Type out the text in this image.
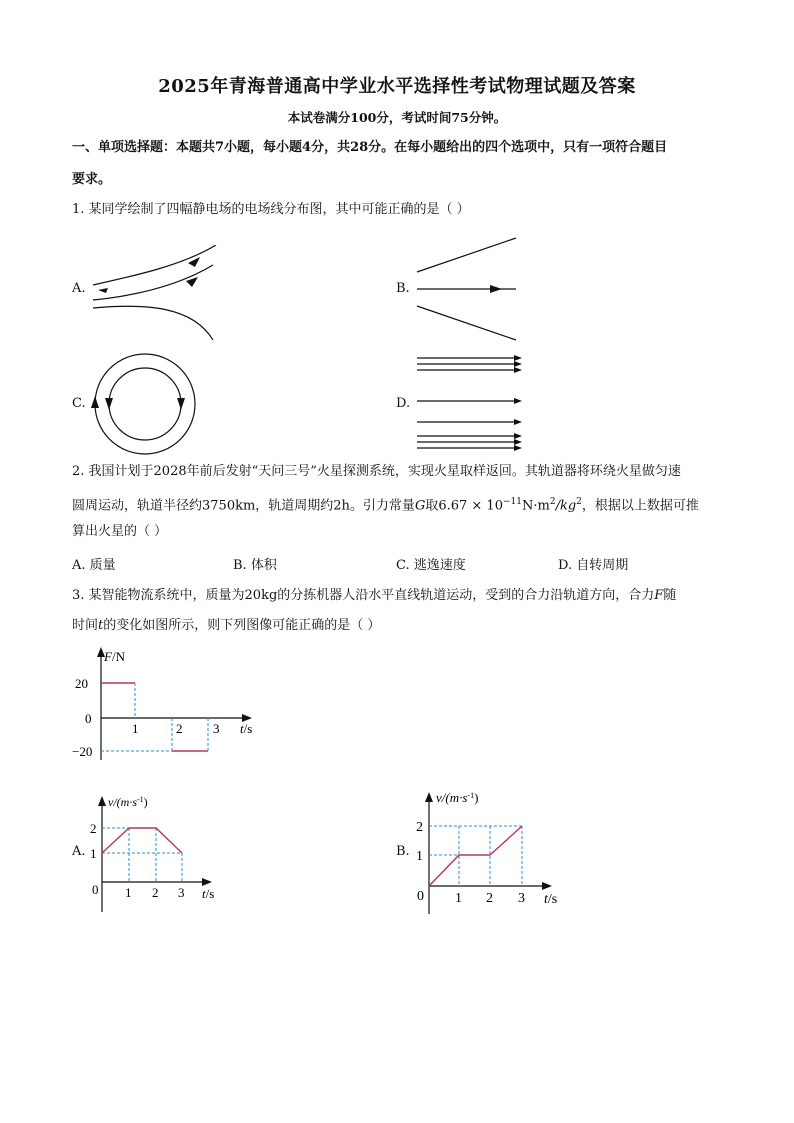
2025年青海普通高中学业水平选择性考试物理试题及答案
本试卷满分100分，考试时间75分钟。
一、单项选择题：本题共7小题，每小题4分，共28分。在每小题给出的四个选项中，只有一项符合题目
要求。
1. 某同学绘制了四幅静电场的电场线分布图，其中可能正确的是（ ）
A.	B.
C.	D.
2. 我国计划于2028年前后发射“天问三号”火星探测系统，实现火星取样返回。其轨道器将环绕火星做匀速
圆周运动，轨道半径约3750km，轨道周期约2h。引力常量G取$6.67 \times 10^{-11}N\cdot m^2/kg^2$，根据以上数据可推
算出火星的（ ）
A. 质量	B. 体积	C. 逃逸速度	D. 自转周期
3. 某智能物流系统中，质量为20kg的分拣机器人沿水平直线轨道运动，受到的合力沿轨道方向，合力F随
时间t的变化如图所示，则下列图像可能正确的是（ ）
F/N
20
0
−20
1	2 3 t/s
A.
$v/(m\cdot s^{-1})$
2
1
0 1 2 3 t/s
B.
$v/(m\cdot s^{-1})$
2
1
0 1 2 3 t/s
